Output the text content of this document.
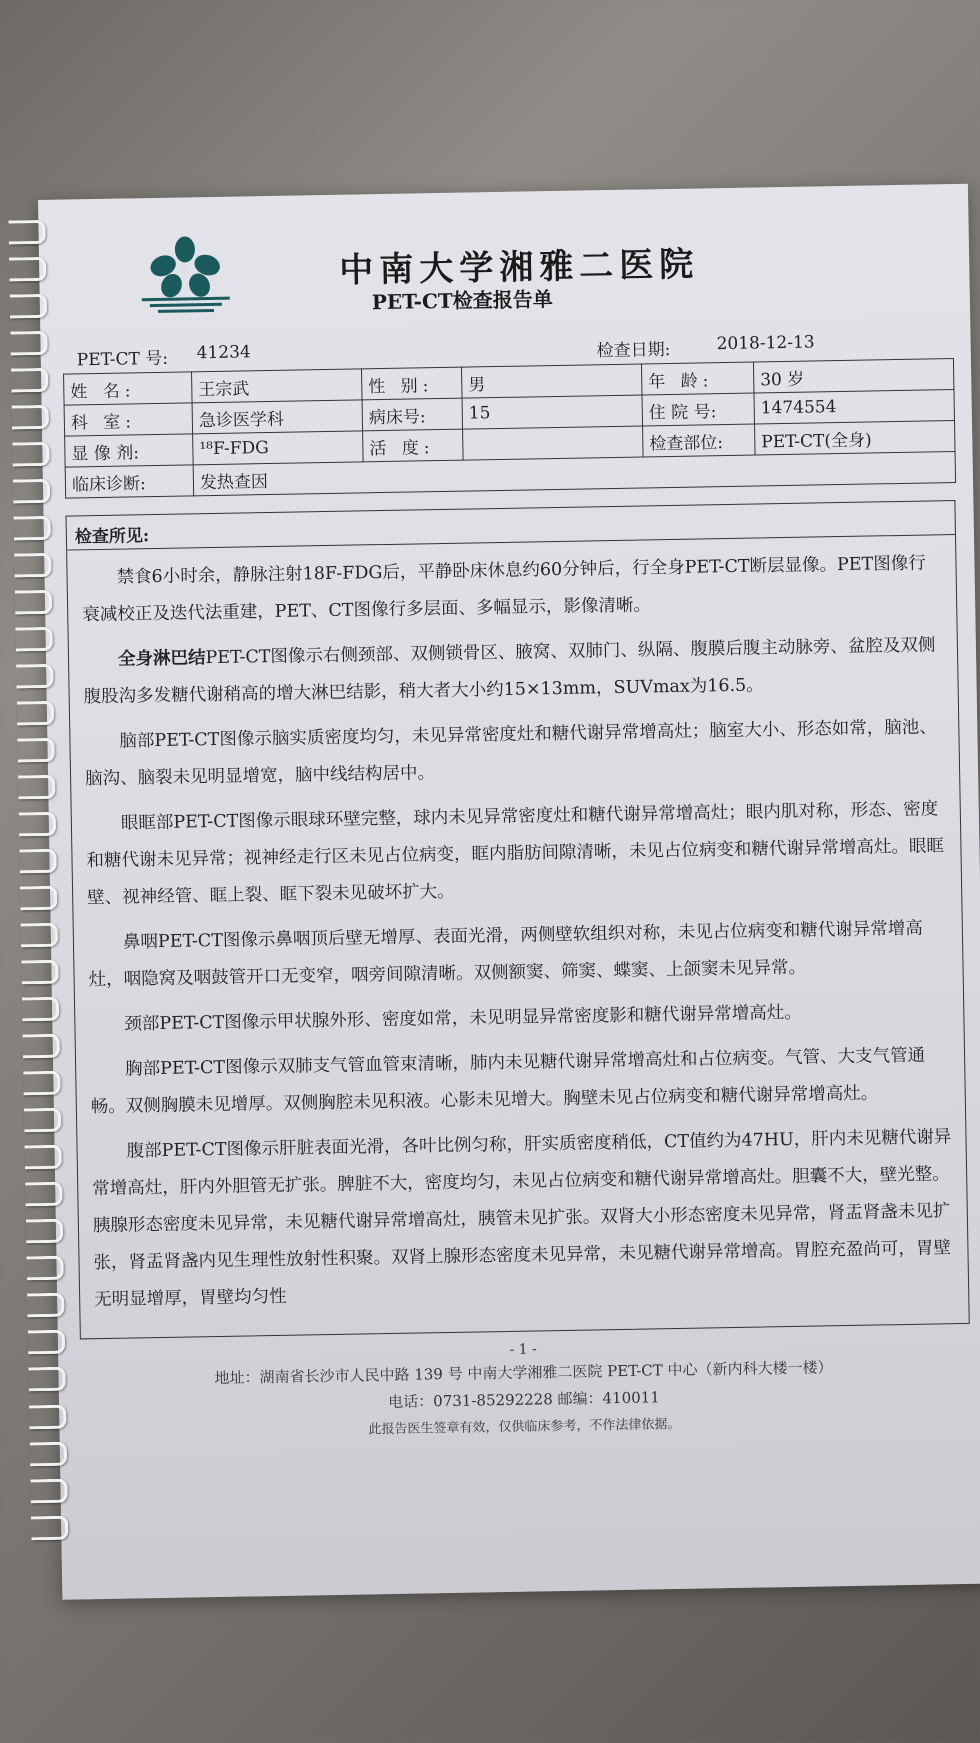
中南大学湘雅二医院
PET-CT检查报告单
PET-CT 号: 41234	检查日期:	2018-12-13
姓 名:	王宗武	性 别:	男	年 龄:	30 岁
科 室:	急诊医学科	病床号:	15	住 院 号:	1474554
显 像 剂:	¹⁸F-FDG	活 度:		检查部位:	PET-CT(全身)
临床诊断:	发热查因				
检查所见:

禁食6小时余，静脉注射18F-FDG后，平静卧床休息约60分钟后，行全身PET-CT断层显像。PET图像行衰减校正及迭代法重建，PET、CT图像行多层面、多幅显示，影像清晰。

全身淋巴结PET-CT图像示右侧颈部、双侧锁骨区、腋窝、双肺门、纵隔、腹膜后腹主动脉旁、盆腔及双侧腹股沟多发糖代谢稍高的增大淋巴结影，稍大者大小约15×13mm，SUVmax为16.5。

脑部PET-CT图像示脑实质密度均匀，未见异常密度灶和糖代谢异常增高灶；脑室大小、形态如常，脑池、脑沟、脑裂未见明显增宽，脑中线结构居中。

眼眶部PET-CT图像示眼球环壁完整，球内未见异常密度灶和糖代谢异常增高灶；眼内肌对称，形态、密度和糖代谢未见异常；视神经走行区未见占位病变，眶内脂肪间隙清晰，未见占位病变和糖代谢异常增高灶。眼眶壁、视神经管、眶上裂、眶下裂未见破坏扩大。

鼻咽PET-CT图像示鼻咽顶后壁无增厚、表面光滑，两侧壁软组织对称，未见占位病变和糖代谢异常增高灶，咽隐窝及咽鼓管开口无变窄，咽旁间隙清晰。双侧额窦、筛窦、蝶窦、上颌窦未见异常。

颈部PET-CT图像示甲状腺外形、密度如常，未见明显异常密度影和糖代谢异常增高灶。

胸部PET-CT图像示双肺支气管血管束清晰，肺内未见糖代谢异常增高灶和占位病变。气管、大支气管通畅。双侧胸膜未见增厚。双侧胸腔未见积液。心影未见增大。胸壁未见占位病变和糖代谢异常增高灶。

腹部PET-CT图像示肝脏表面光滑，各叶比例匀称，肝实质密度稍低，CT值约为47HU，肝内未见糖代谢异常增高灶，肝内外胆管无扩张。脾脏不大，密度均匀，未见占位病变和糖代谢异常增高灶。胆囊不大，壁光整。胰腺形态密度未见异常，未见糖代谢异常增高灶，胰管未见扩张。双肾大小形态密度未见异常，肾盂肾盏未见扩张，肾盂肾盏内见生理性放射性积聚。双肾上腺形态密度未见异常，未见糖代谢异常增高。胃腔充盈尚可，胃壁无明显增厚，胃壁均匀性

- 1 -
地址：湖南省长沙市人民中路 139 号 中南大学湘雅二医院 PET-CT 中心（新内科大楼一楼）
电话：0731-85292228 邮编：410011
此报告医生签章有效，仅供临床参考，不作法律依据。
